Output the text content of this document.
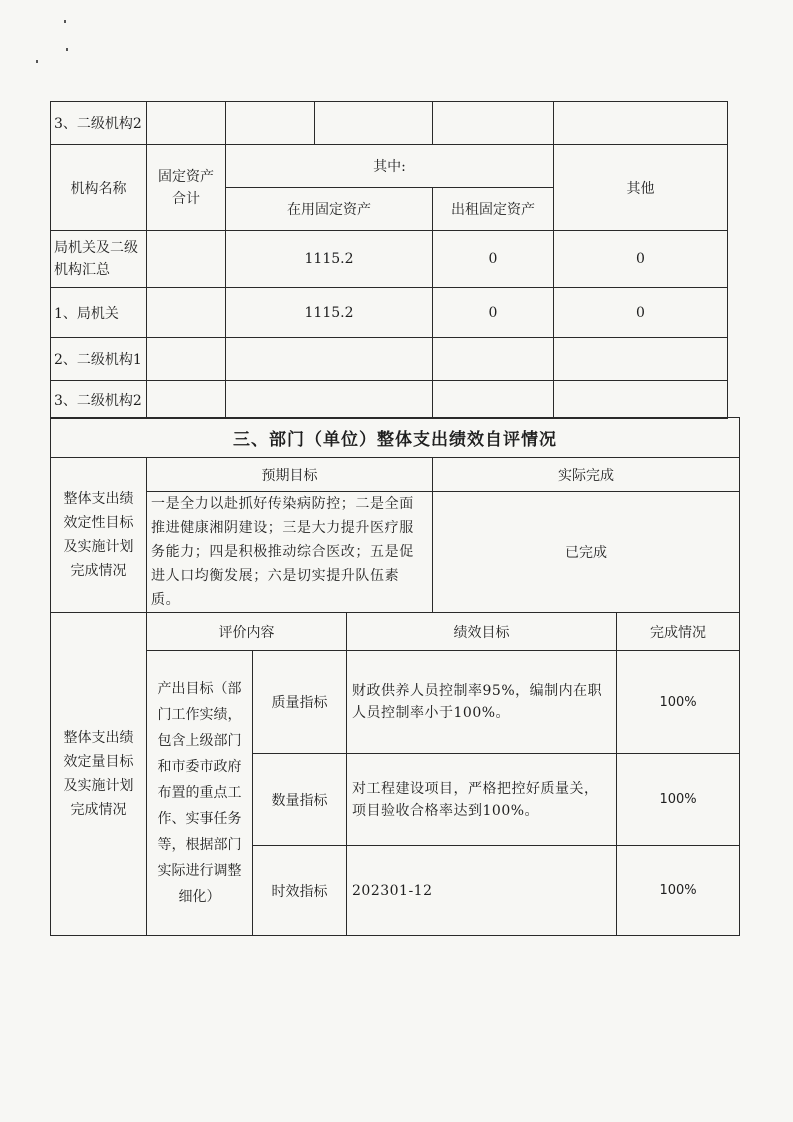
3、二级机构2					
机构名称	固定资产合计	其中:			其他
		在用固定资产		出租固定资产	
局机关及二级机构汇总		1115.2		0	0
1、局机关		1115.2		0	0
2、二级机构1					
3、二级机构2					
三、部门（单位）整体支出绩效自评情况					
整体支出绩效定性目标及实施计划完成情况	预期目标			实际完成	
	一是全力以赴抓好传染病防控；二是全面推进健康湘阴建设；三是大力提升医疗服务能力；四是积极推动综合医改；五是促进人口均衡发展；六是切实提升队伍素质。			已完成	
整体支出绩效定量目标及实施计划完成情况	评价内容		绩效目标		完成情况
	产出目标（部门工作实绩，包含上级部门和市委市政府布置的重点工作、实事任务等，根据部门实际进行调整细化）	质量指标	财政供养人员控制率95%，编制内在职人员控制率小于100%。		100%
		数量指标	对工程建设项目，严格把控好质量关，项目验收合格率达到100%。		100%
		时效指标	202301-12		100%
